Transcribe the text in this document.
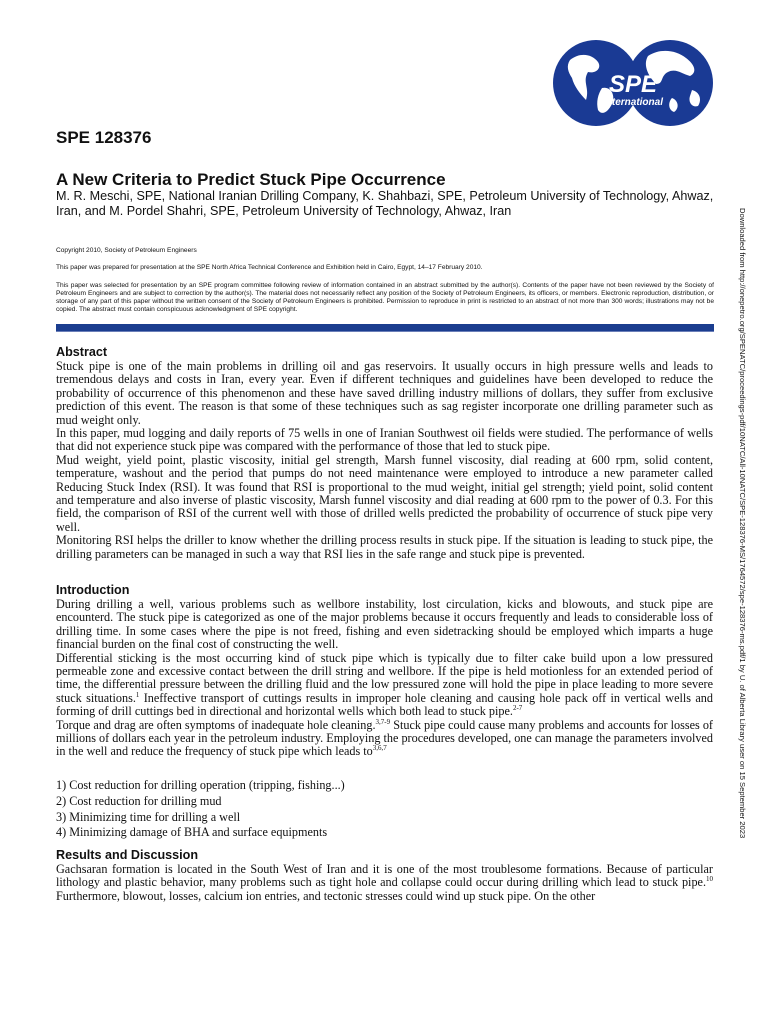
SPE
International
SPE 128376
A New Criteria to Predict Stuck Pipe Occurrence
M. R. Meschi, SPE, National Iranian Drilling Company, K. Shahbazi, SPE, Petroleum University of Technology, Ahwaz, Iran, and M. Pordel Shahri, SPE, Petroleum University of Technology, Ahwaz, Iran
Copyright 2010, Society of Petroleum Engineers
This paper was prepared for presentation at the SPE North Africa Technical Conference and Exhibition held in Cairo, Egypt, 14–17 February 2010.
This paper was selected for presentation by an SPE program committee following review of information contained in an abstract submitted by the author(s). Contents of the paper have not been reviewed by the Society of Petroleum Engineers and are subject to correction by the author(s). The material does not necessarily reflect any position of the Society of Petroleum Engineers, its officers, or members. Electronic reproduction, distribution, or storage of any part of this paper without the written consent of the Society of Petroleum Engineers is prohibited. Permission to reproduce in print is restricted to an abstract of not more than 300 words; illustrations may not be copied. The abstract must contain conspicuous acknowledgment of SPE copyright.	Downloaded from http://onepetro.org/SPENATC/proceedings-pdf/10NATC/All-10NATC/SPE-128376-MS/1764572/spe-128376-ms.pdf/1 by U. of Alberta Library user on 15 September 2023
Abstract

Stuck pipe is one of the main problems in drilling oil and gas reservoirs. It usually occurs in high pressure wells and leads to tremendous delays and costs in Iran, every year. Even if different techniques and guidelines have been developed to reduce the probability of occurrence of this phenomenon and these have saved drilling industry millions of dollars, they suffer from exclusive prediction of this event. The reason is that some of these techniques such as sag register incorporate one drilling parameter such as mud weight only.

In this paper, mud logging and daily reports of 75 wells in one of Iranian Southwest oil fields were studied. The performance of wells that did not experience stuck pipe was compared with the performance of those that led to stuck pipe.

Mud weight, yield point, plastic viscosity, initial gel strength, Marsh funnel viscosity, dial reading at 600 rpm, solid content, temperature, washout and the period that pumps do not need maintenance were employed to introduce a new parameter called Reducing Stuck Index (RSI). It was found that RSI is proportional to the mud weight, initial gel strength; yield point, solid content and temperature and also inverse of plastic viscosity, Marsh funnel viscosity and dial reading at 600 rpm to the power of 0.3. For this field, the comparison of RSI of the current well with those of drilled wells predicted the probability of occurrence of stuck pipe very well.

Monitoring RSI helps the driller to know whether the drilling process results in stuck pipe. If the situation is leading to stuck pipe, the drilling parameters can be managed in such a way that RSI lies in the safe range and stuck pipe is prevented.

Introduction

During drilling a well, various problems such as wellbore instability, lost circulation, kicks and blowouts, and stuck pipe are encounterd. The stuck pipe is categorized as one of the major problems because it occurs frequently and leads to considerable loss of drilling time. In some cases where the pipe is not freed, fishing and even sidetracking should be employed which imparts a huge financial burden on the final cost of constructing the well.

Differential sticking is the most occurring kind of stuck pipe which is typically due to filter cake build upon a low pressured permeable zone and excessive contact between the drill string and wellbore. If the pipe is held motionless for an extended period of time, the differential pressure between the drilling fluid and the low pressured zone will hold the pipe in place leading to more severe stuck situations.$^1$ Ineffective transport of cuttings results in improper hole cleaning and causing hole pack off in vertical wells and forming of drill cuttings bed in directional and horizontal wells which both lead to stuck pipe.$^{2-7}$

Torque and drag are often symptoms of inadequate hole cleaning.$^{3,7-9}$ Stuck pipe could cause many problems and accounts for losses of millions of dollars each year in the petroleum industry. Employing the procedures developed, one can manage the parameters involved in the well and reduce the frequency of stuck pipe which leads to$^{3,6,7}$

1) Cost reduction for drilling operation (tripping, fishing...)
2) Cost reduction for drilling mud
3) Minimizing time for drilling a well
4) Minimizing damage of BHA and surface equipments
Results and Discussion

Gachsaran formation is located in the South West of Iran and it is one of the most troublesome formations. Because of particular lithology and plastic behavior, many problems such as tight hole and collapse could occur during drilling which lead to stuck pipe.$^{10}$ Furthermore, blowout, losses, calcium ion entries, and tectonic stresses could wind up stuck pipe. On the other
